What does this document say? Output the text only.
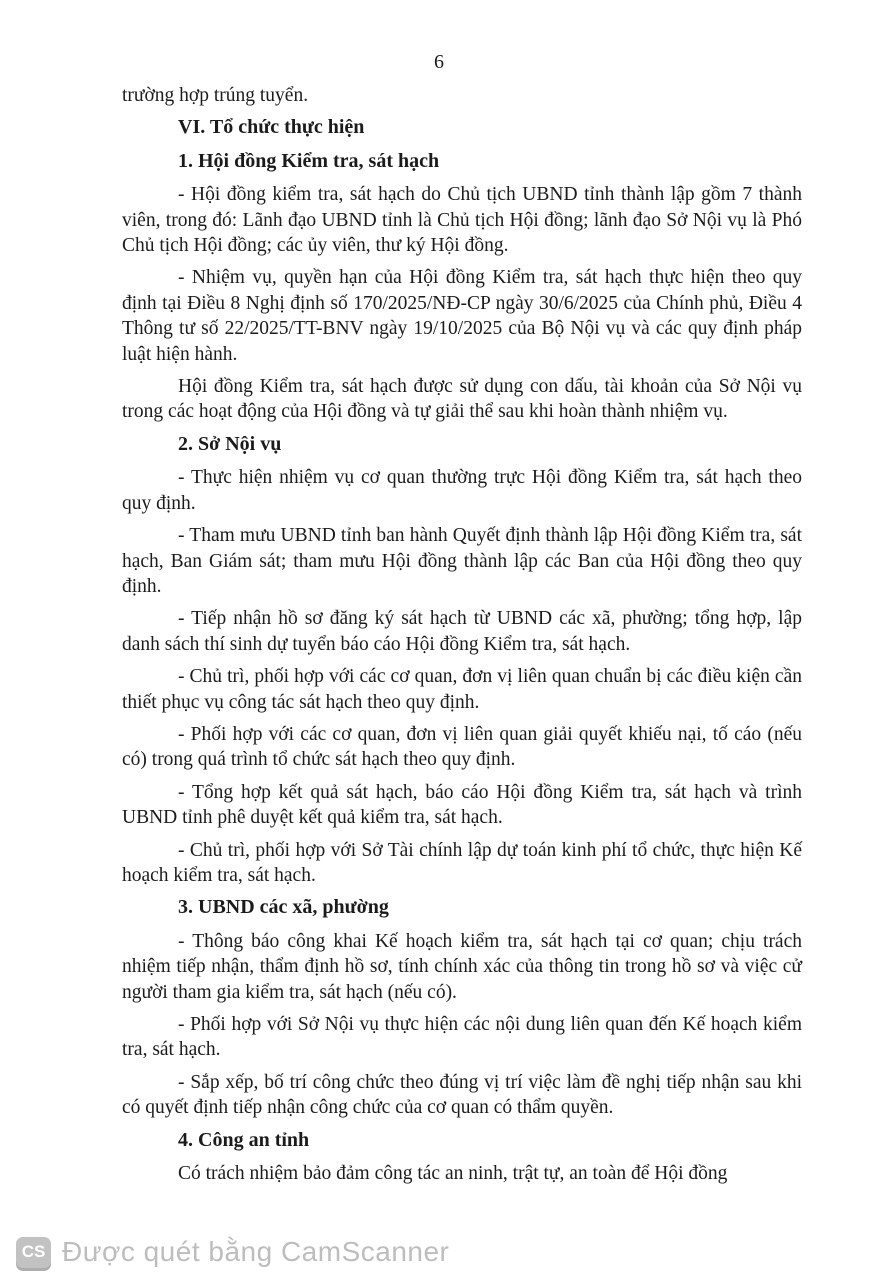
6

trường hợp trúng tuyển.

VI. Tổ chức thực hiện
1. Hội đồng Kiểm tra, sát hạch

- Hội đồng kiểm tra, sát hạch do Chủ tịch UBND tỉnh thành lập gồm 7 thành viên, trong đó: Lãnh đạo UBND tỉnh là Chủ tịch Hội đồng; lãnh đạo Sở Nội vụ là Phó Chủ tịch Hội đồng; các ủy viên, thư ký Hội đồng.

- Nhiệm vụ, quyền hạn của Hội đồng Kiểm tra, sát hạch thực hiện theo quy định tại Điều 8 Nghị định số 170/2025/NĐ-CP ngày 30/6/2025 của Chính phủ, Điều 4 Thông tư số 22/2025/TT-BNV ngày 19/10/2025 của Bộ Nội vụ và các quy định pháp luật hiện hành.

Hội đồng Kiểm tra, sát hạch được sử dụng con dấu, tài khoản của Sở Nội vụ trong các hoạt động của Hội đồng và tự giải thể sau khi hoàn thành nhiệm vụ.

2. Sở Nội vụ

- Thực hiện nhiệm vụ cơ quan thường trực Hội đồng Kiểm tra, sát hạch theo quy định.

- Tham mưu UBND tỉnh ban hành Quyết định thành lập Hội đồng Kiểm tra, sát hạch, Ban Giám sát; tham mưu Hội đồng thành lập các Ban của Hội đồng theo quy định.

- Tiếp nhận hồ sơ đăng ký sát hạch từ UBND các xã, phường; tổng hợp, lập danh sách thí sinh dự tuyển báo cáo Hội đồng Kiểm tra, sát hạch.

- Chủ trì, phối hợp với các cơ quan, đơn vị liên quan chuẩn bị các điều kiện cần thiết phục vụ công tác sát hạch theo quy định.

- Phối hợp với các cơ quan, đơn vị liên quan giải quyết khiếu nại, tố cáo (nếu có) trong quá trình tổ chức sát hạch theo quy định.

- Tổng hợp kết quả sát hạch, báo cáo Hội đồng Kiểm tra, sát hạch và trình UBND tỉnh phê duyệt kết quả kiểm tra, sát hạch.

- Chủ trì, phối hợp với Sở Tài chính lập dự toán kinh phí tổ chức, thực hiện Kế hoạch kiểm tra, sát hạch.

3. UBND các xã, phường

- Thông báo công khai Kế hoạch kiểm tra, sát hạch tại cơ quan; chịu trách nhiệm tiếp nhận, thẩm định hồ sơ, tính chính xác của thông tin trong hồ sơ và việc cử người tham gia kiểm tra, sát hạch (nếu có).

- Phối hợp với Sở Nội vụ thực hiện các nội dung liên quan đến Kế hoạch kiểm tra, sát hạch.

- Sắp xếp, bố trí công chức theo đúng vị trí việc làm đề nghị tiếp nhận sau khi có quyết định tiếp nhận công chức của cơ quan có thẩm quyền.

4. Công an tỉnh

Có trách nhiệm bảo đảm công tác an ninh, trật tự, an toàn để Hội đồng

CS Được quét bằng CamScanner
